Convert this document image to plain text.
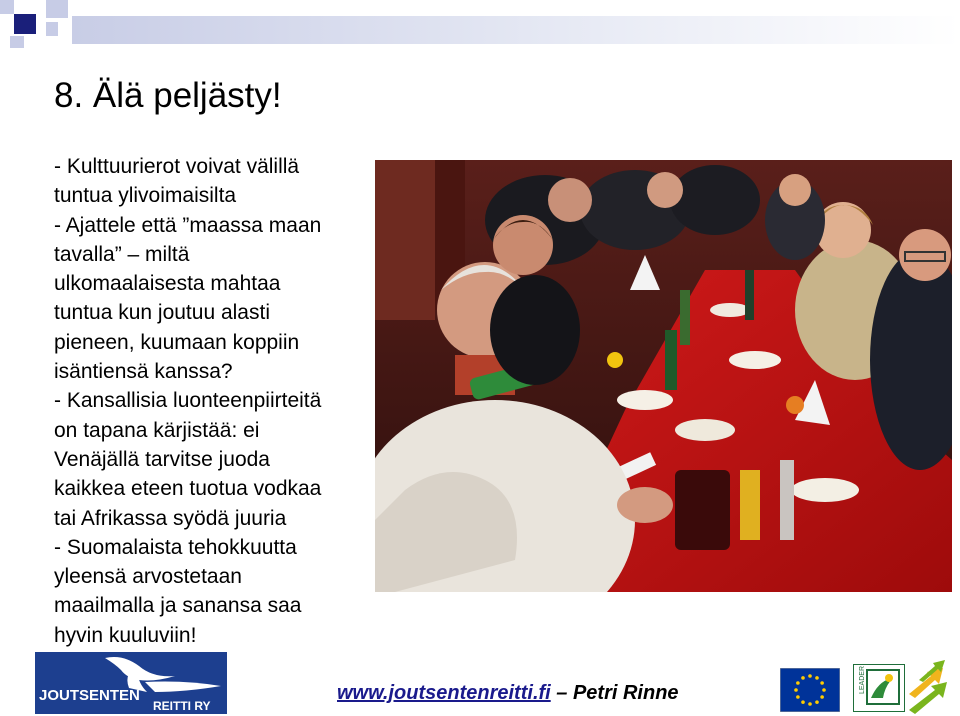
8. Älä peljästy!
- Kulttuurierot voivat välillä
tuntua ylivoimaisilta
- Ajattele että ”maassa maan
tavalla” – miltä
ulkomaalaisesta mahtaa
tuntua kun joutuu alasti
pieneen, kuumaan koppiin
isäntiensä kanssa?
- Kansallisia luonteenpiirteitä
on tapana kärjistää: ei
Venäjällä tarvitse juoda
kaikkea eteen tuotua vodkaa
tai Afrikassa syödä juuria
- Suomalaista tehokkuutta
yleensä arvostetaan
maailmalla ja sanansa saa
hyvin kuuluviin!
www.joutsentenreitti.fi – Petri Rinne
JOUTSENTEN
REITTI RY
LEADER
